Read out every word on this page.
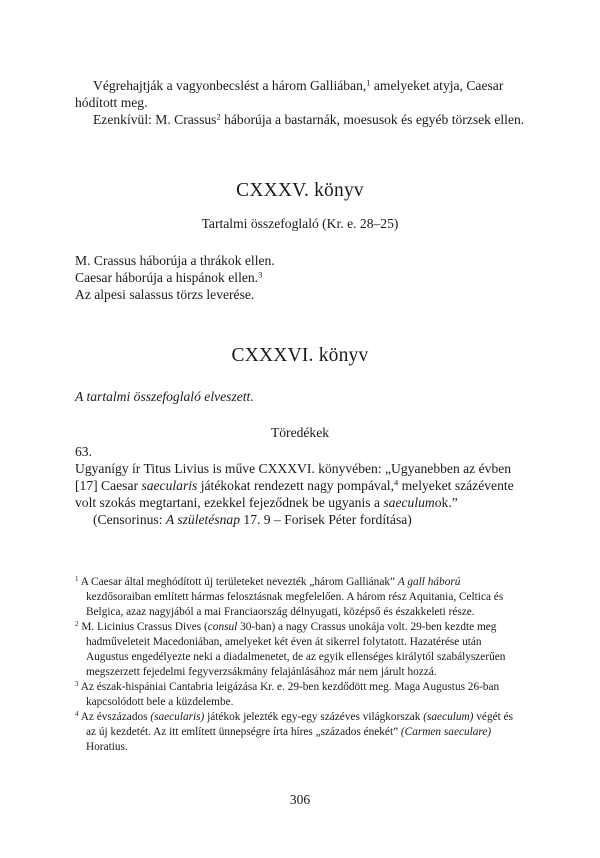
Végrehajtják a vagyonbecslést a három Galliában,$^1$ amelyeket atyja, Caesar hódított meg.

Ezenkívül: M. Crassus$^2$ háborúja a bastarnák, moesusok és egyéb törzsek ellen.

CXXXV. könyv

Tartalmi összefoglaló (Kr. e. 28–25)

M. Crassus háborúja a thrákok ellen.

Caesar háborúja a hispánok ellen.$^3$

Az alpesi salassus törzs leverése.

CXXXVI. könyv

A tartalmi összefoglaló elveszett.

Töredékek

63.

Ugyanígy ír Titus Livius is műve CXXXVI. könyvében: „Ugyanebben az évben [17] Caesar saecularis játékokat rendezett nagy pompával,$^4$ melyeket százévente volt szokás megtartani, ezekkel fejeződnek be ugyanis a saeculumok.”

(Censorinus: A születésnap 17. 9 – Forisek Péter fordítása)

$^1$ A Caesar által meghódított új területeket nevezték „három Galliának” A gall háború kezdősoraiban említett hármas felosztásnak megfelelően. A három rész Aquitania, Celtica és Belgica, azaz nagyjából a mai Franciaország délnyugati, középső és északkeleti része.

$^2$ M. Licinius Crassus Dives (consul 30-ban) a nagy Crassus unokája volt. 29-ben kezdte meg hadműveleteit Macedoniában, amelyeket két éven át sikerrel folytatott. Hazatérése után Augustus engedélyezte neki a diadalmenetet, de az egyik ellenséges királytól szabályszerűen megszerzett fejedelmi fegyverzsákmány felajánlásához már nem járult hozzá.

$^3$ Az észak-hispániai Cantabria leigázása Kr. e. 29-ben kezdődött meg. Maga Augustus 26-ban kapcsolódott bele a küzdelembe.

$^4$ Az évszázados (saecularis) játékok jelezték egy-egy százéves világkorszak (saeculum) végét és az új kezdetét. Az itt említett ünnepségre írta híres „százados énekét” (Carmen saeculare) Horatius.

306
